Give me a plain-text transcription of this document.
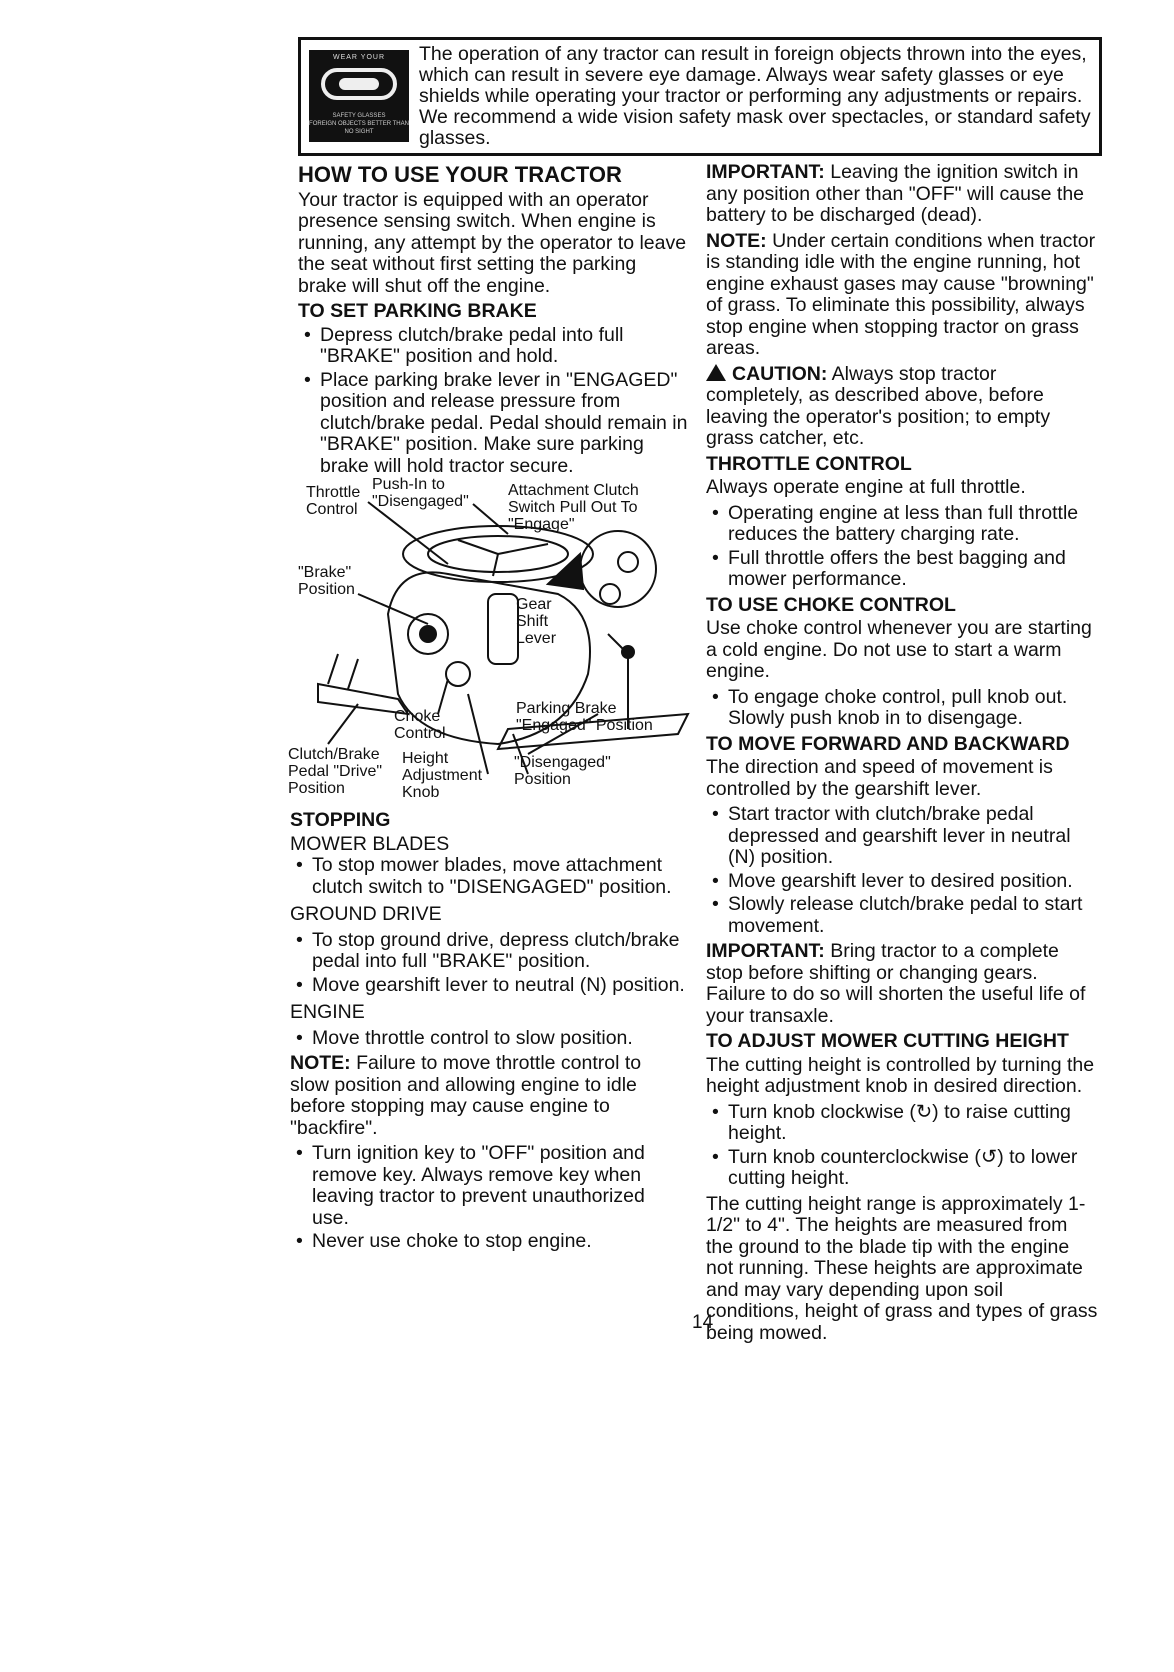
WEAR YOUR
SAFETY GLASSES
FOREIGN OBJECTS BETTER THAN NO SIGHT
The operation of any tractor can result in foreign objects thrown into the eyes, which can result in severe eye damage. Always wear safety glasses or eye shields while operating your tractor or performing any adjustments or repairs. We recommend a wide vision safety mask over spectacles, or standard safety glasses.
HOW TO USE YOUR TRACTOR

Your tractor is equipped with an operator presence sensing switch. When engine is running, any attempt by the operator to leave the seat without first setting the parking brake will shut off the engine.

TO SET PARKING BRAKE
• Depress clutch/brake pedal into full "BRAKE" position and hold.
• Place parking brake lever in "ENGAGED" position and release pressure from clutch/brake pedal. Pedal should remain in "BRAKE" position. Make sure parking brake will hold tractor secure.
Throttle Control
Push-In to "Disengaged"
Attachment Clutch Switch Pull Out To "Engage"
"Brake" Position
Gear Shift Lever
Choke Control
Parking Brake "Engaged" Position
Clutch/Brake Pedal "Drive" Position
Height Adjustment Knob
"Disengaged" Position
STOPPING
MOWER BLADES
• To stop mower blades, move attachment clutch switch to "DISENGAGED" position.
GROUND DRIVE
• To stop ground drive, depress clutch/brake pedal into full "BRAKE" position.
• Move gearshift lever to neutral (N) position.
ENGINE
• Move throttle control to slow position.

NOTE: Failure to move throttle control to slow position and allowing engine to idle before stopping may cause engine to "backfire".

• Turn ignition key to "OFF" position and remove key. Always remove key when leaving tractor to prevent unauthorized use.
• Never use choke to stop engine.

IMPORTANT: Leaving the ignition switch in any position other than "OFF" will cause the battery to be discharged (dead).

NOTE: Under certain conditions when tractor is standing idle with the engine running, hot engine exhaust gases may cause "browning" of grass. To eliminate this possibility, always stop engine when stopping tractor on grass areas.

CAUTION: Always stop tractor completely, as described above, before leaving the operator's position; to empty grass catcher, etc.

THROTTLE CONTROL

Always operate engine at full throttle.

• Operating engine at less than full throttle reduces the battery charging rate.
• Full throttle offers the best bagging and mower performance.
TO USE CHOKE CONTROL

Use choke control whenever you are starting a cold engine. Do not use to start a warm engine.

• To engage choke control, pull knob out. Slowly push knob in to disengage.
TO MOVE FORWARD AND BACKWARD

The direction and speed of movement is controlled by the gearshift lever.

• Start tractor with clutch/brake pedal depressed and gearshift lever in neutral (N) position.
• Move gearshift lever to desired position.
• Slowly release clutch/brake pedal to start movement.

IMPORTANT: Bring tractor to a complete stop before shifting or changing gears. Failure to do so will shorten the useful life of your transaxle.

TO ADJUST MOWER CUTTING HEIGHT

The cutting height is controlled by turning the height adjustment knob in desired direction.

• Turn knob clockwise (↻) to raise cutting height.
• Turn knob counterclockwise (↺) to lower cutting height.

The cutting height range is approximately 1-1/2" to 4". The heights are measured from the ground to the blade tip with the engine not running. These heights are approximate and may vary depending upon soil conditions, height of grass and types of grass being mowed.

14
